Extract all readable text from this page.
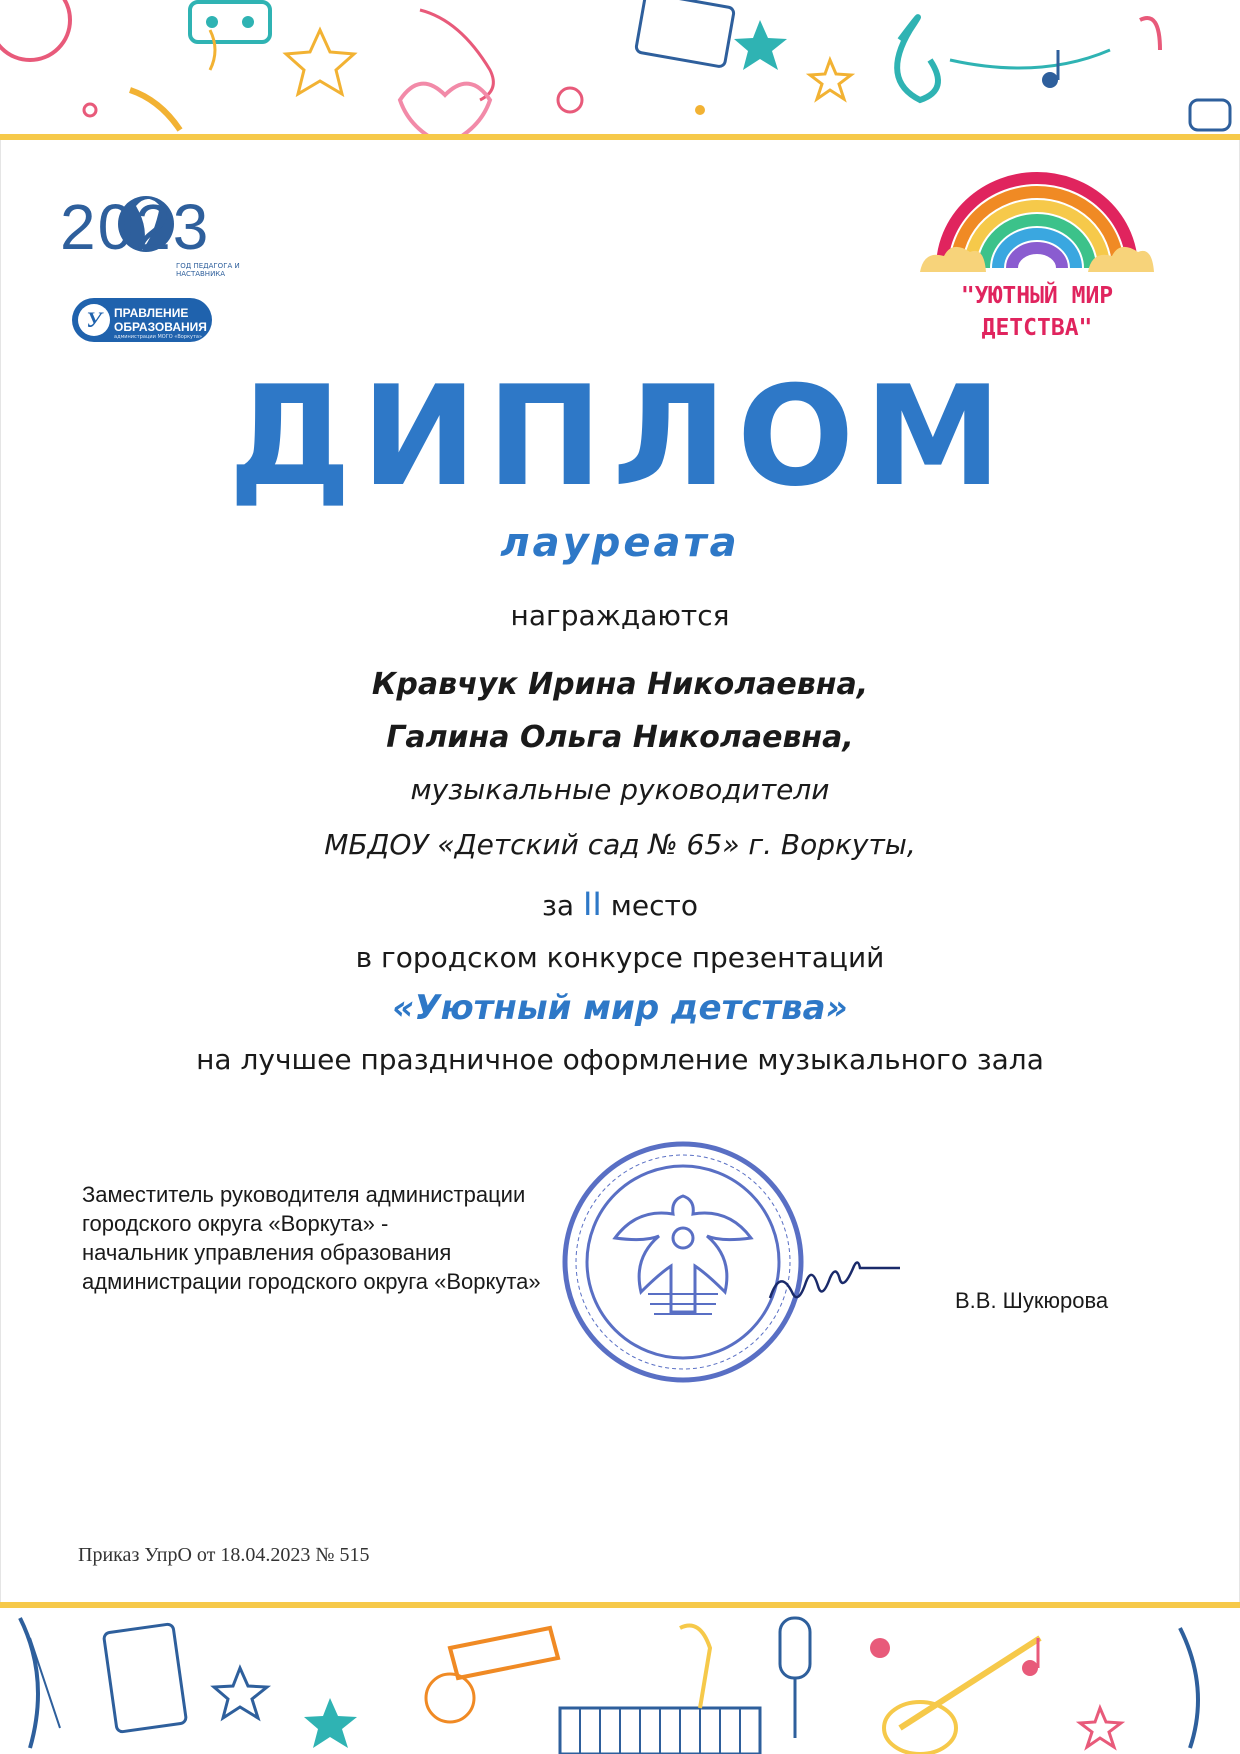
2023
ГОД ПЕДАГОГА И НАСТАВНИКА
У	ПРАВЛЕНИЕ
ОБРАЗОВАНИЯ
администрации МОГО «Воркута»
"УЮТНЫЙ МИР
ДЕТСТВА"
ДИПЛОМ
лауреата
награждаются
Кравчук Ирина Николаевна,
Галина Ольга Николаевна,
музыкальные руководители
МБДОУ «Детский сад № 65» г. Воркуты,
за II место
в городском конкурсе презентаций
«Уютный мир детства»
на лучшее праздничное оформление музыкального зала
Заместитель руководителя администрации
городского округа «Воркута» -
начальник управления образования
администрации городского округа «Воркута»
В.В. Шукюрова
Приказ УпрО от 18.04.2023 № 515
